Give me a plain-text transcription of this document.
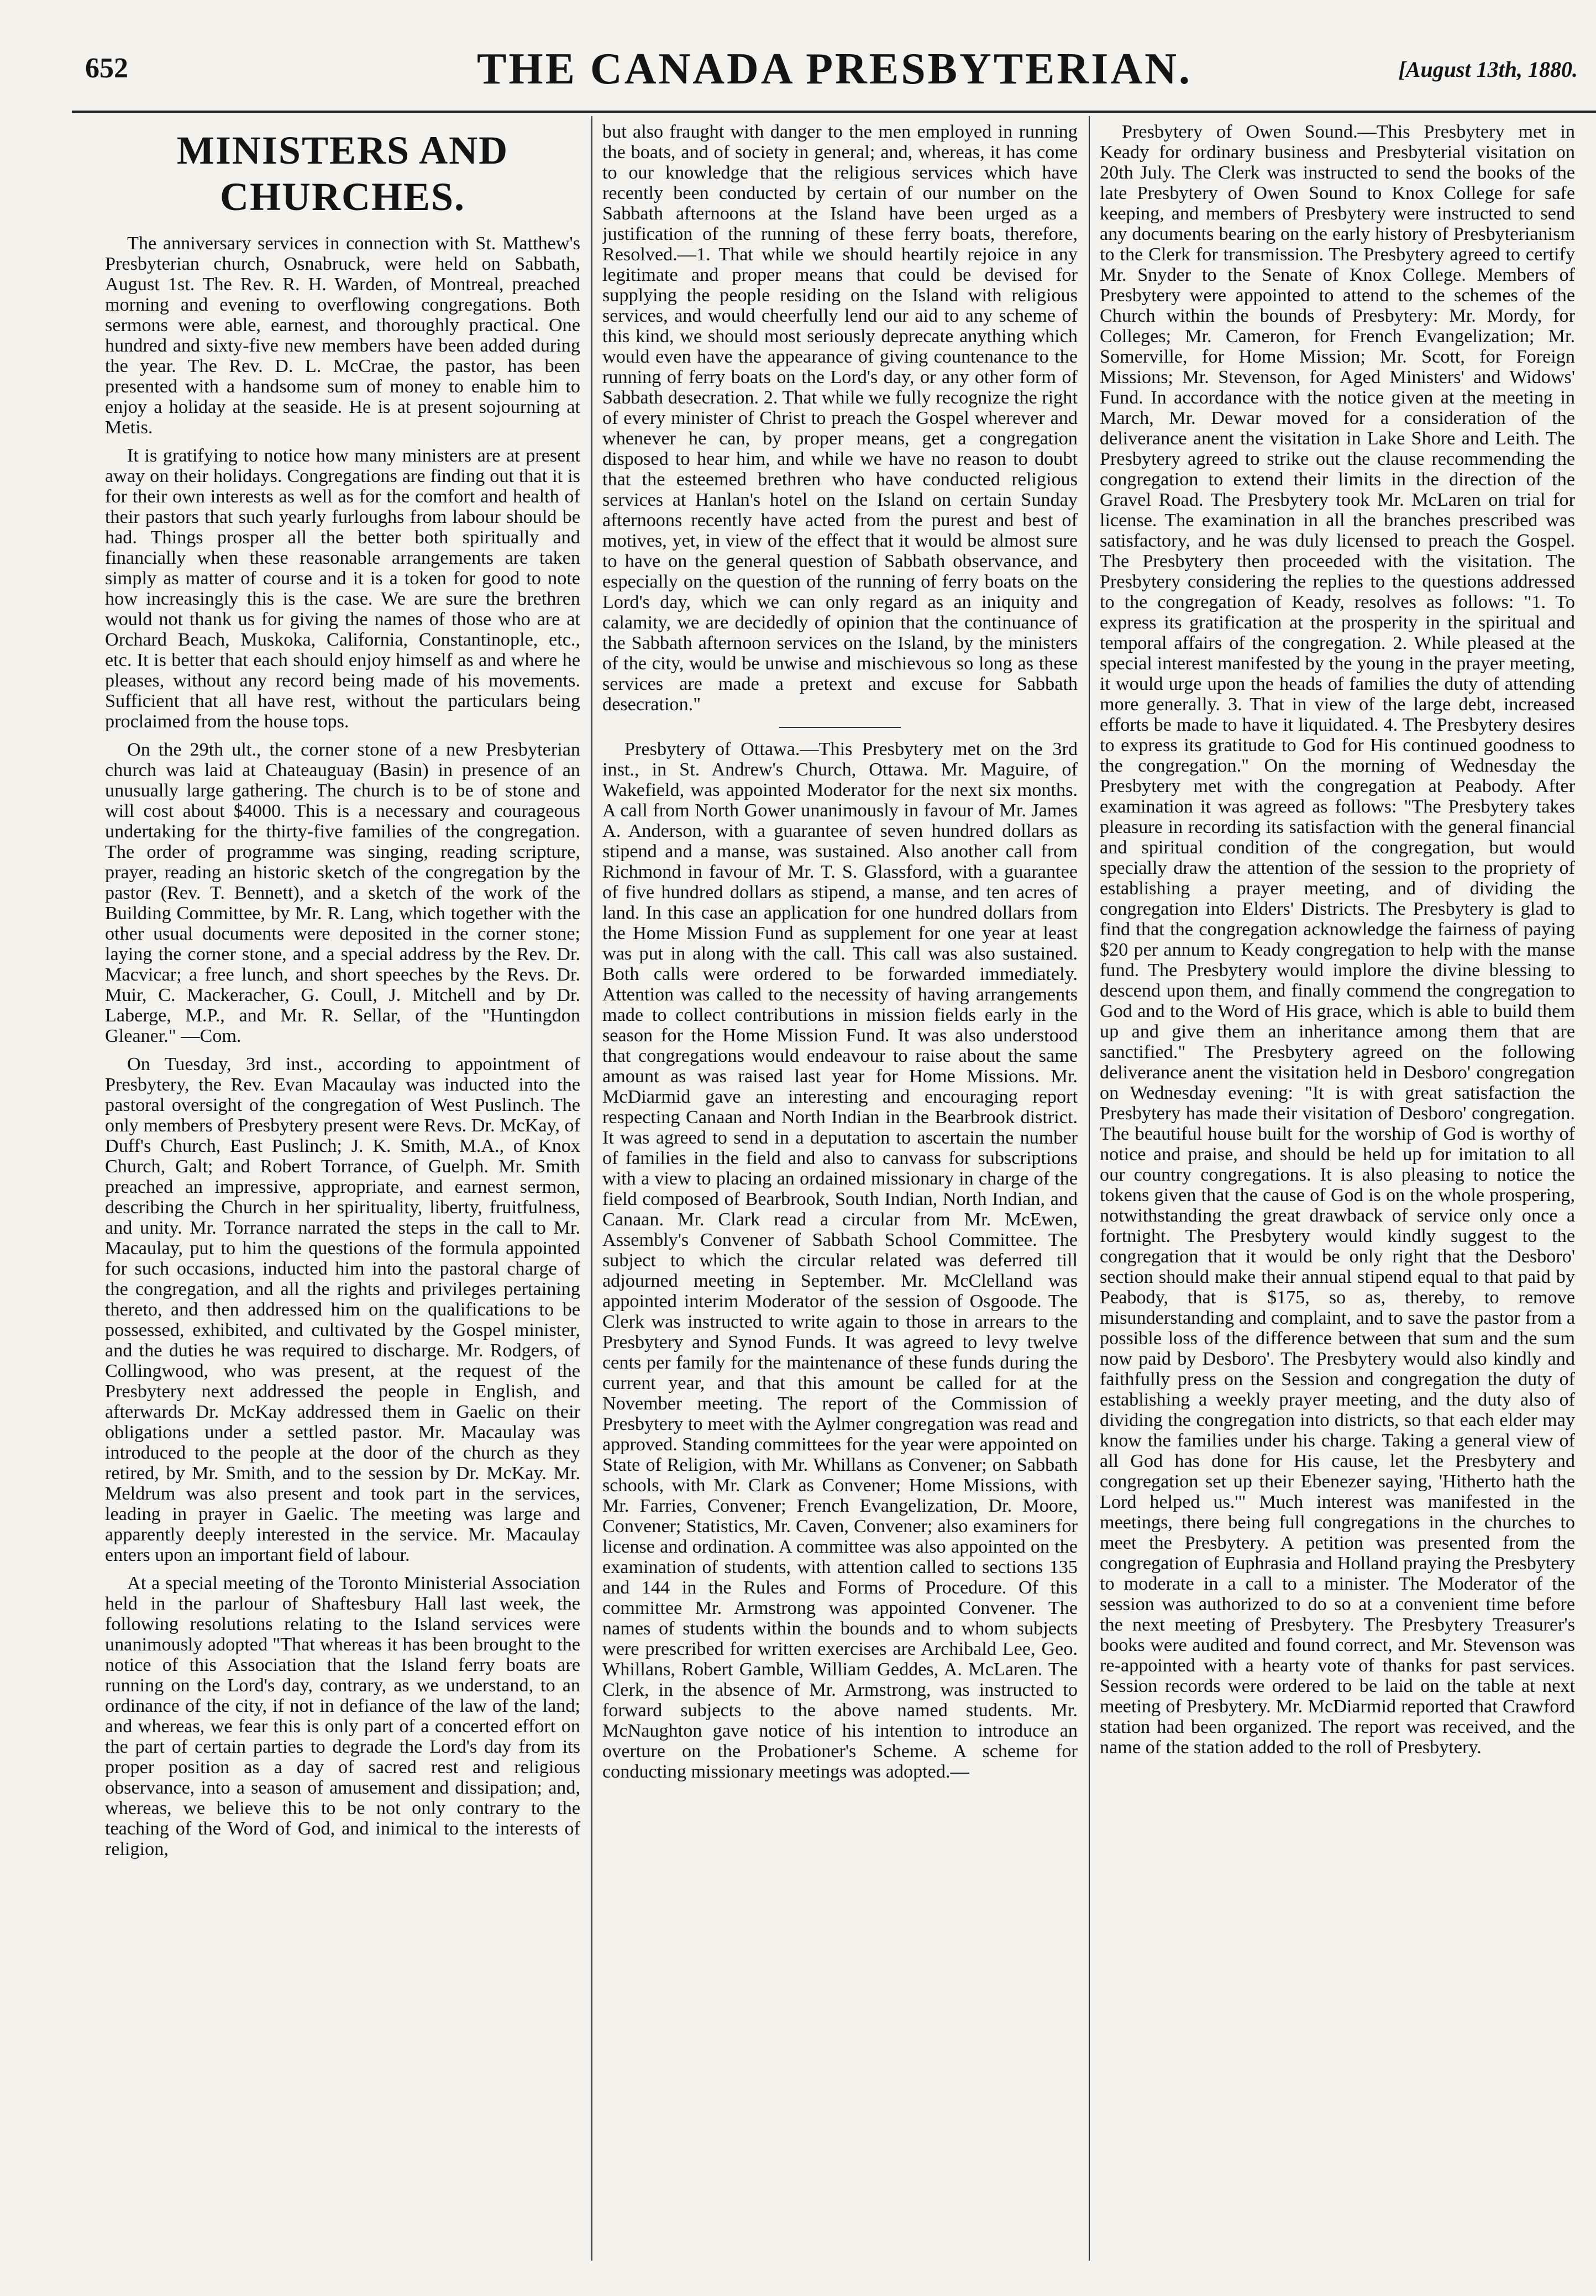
652	THE CANADA PRESBYTERIAN.	[August 13th, 1880.
MINISTERS AND CHURCHES.

The anniversary services in connection with St. Matthew's Presbyterian church, Osnabruck, were held on Sabbath, August 1st. The Rev. R. H. Warden, of Montreal, preached morning and evening to overflowing congregations. Both sermons were able, earnest, and thoroughly practical. One hundred and sixty-five new members have been added during the year. The Rev. D. L. McCrae, the pastor, has been presented with a handsome sum of money to enable him to enjoy a holiday at the seaside. He is at present sojourning at Metis.

It is gratifying to notice how many ministers are at present away on their holidays. Congregations are finding out that it is for their own interests as well as for the comfort and health of their pastors that such yearly furloughs from labour should be had. Things prosper all the better both spiritually and financially when these reasonable arrangements are taken simply as matter of course and it is a token for good to note how increasingly this is the case. We are sure the brethren would not thank us for giving the names of those who are at Orchard Beach, Muskoka, California, Constantinople, etc., etc. It is better that each should enjoy himself as and where he pleases, without any record being made of his movements. Sufficient that all have rest, without the particulars being proclaimed from the house tops.

On the 29th ult., the corner stone of a new Presbyterian church was laid at Chateauguay (Basin) in presence of an unusually large gathering. The church is to be of stone and will cost about $4000. This is a necessary and courageous undertaking for the thirty-five families of the congregation. The order of programme was singing, reading scripture, prayer, reading an historic sketch of the congregation by the pastor (Rev. T. Bennett), and a sketch of the work of the Building Committee, by Mr. R. Lang, which together with the other usual documents were deposited in the corner stone; laying the corner stone, and a special address by the Rev. Dr. Macvicar; a free lunch, and short speeches by the Revs. Dr. Muir, C. Mackeracher, G. Coull, J. Mitchell and by Dr. Laberge, M.P., and Mr. R. Sellar, of the "Huntingdon Gleaner." —Com.

On Tuesday, 3rd inst., according to appointment of Presbytery, the Rev. Evan Macaulay was inducted into the pastoral oversight of the congregation of West Puslinch. The only members of Presbytery present were Revs. Dr. McKay, of Duff's Church, East Puslinch; J. K. Smith, M.A., of Knox Church, Galt; and Robert Torrance, of Guelph. Mr. Smith preached an impressive, appropriate, and earnest sermon, describing the Church in her spirituality, liberty, fruitfulness, and unity. Mr. Torrance narrated the steps in the call to Mr. Macaulay, put to him the questions of the formula appointed for such occasions, inducted him into the pastoral charge of the congregation, and all the rights and privileges pertaining thereto, and then addressed him on the qualifications to be possessed, exhibited, and cultivated by the Gospel minister, and the duties he was required to discharge. Mr. Rodgers, of Collingwood, who was present, at the request of the Presbytery next addressed the people in English, and afterwards Dr. McKay addressed them in Gaelic on their obligations under a settled pastor. Mr. Macaulay was introduced to the people at the door of the church as they retired, by Mr. Smith, and to the session by Dr. McKay. Mr. Meldrum was also present and took part in the services, leading in prayer in Gaelic. The meeting was large and apparently deeply interested in the service. Mr. Macaulay enters upon an important field of labour.

At a special meeting of the Toronto Ministerial Association held in the parlour of Shaftesbury Hall last week, the following resolutions relating to the Island services were unanimously adopted "That whereas it has been brought to the notice of this Association that the Island ferry boats are running on the Lord's day, contrary, as we understand, to an ordinance of the city, if not in defiance of the law of the land; and whereas, we fear this is only part of a concerted effort on the part of certain parties to degrade the Lord's day from its proper position as a day of sacred rest and religious observance, into a season of amusement and dissipation; and, whereas, we believe this to be not only contrary to the teaching of the Word of God, and inimical to the interests of religion,

but also fraught with danger to the men employed in running the boats, and of society in general; and, whereas, it has come to our knowledge that the religious services which have recently been conducted by certain of our number on the Sabbath afternoons at the Island have been urged as a justification of the running of these ferry boats, therefore, Resolved.—1. That while we should heartily rejoice in any legitimate and proper means that could be devised for supplying the people residing on the Island with religious services, and would cheerfully lend our aid to any scheme of this kind, we should most seriously deprecate anything which would even have the appearance of giving countenance to the running of ferry boats on the Lord's day, or any other form of Sabbath desecration. 2. That while we fully recognize the right of every minister of Christ to preach the Gospel wherever and whenever he can, by proper means, get a congregation disposed to hear him, and while we have no reason to doubt that the esteemed brethren who have conducted religious services at Hanlan's hotel on the Island on certain Sunday afternoons recently have acted from the purest and best of motives, yet, in view of the effect that it would be almost sure to have on the general question of Sabbath observance, and especially on the question of the running of ferry boats on the Lord's day, which we can only regard as an iniquity and calamity, we are decidedly of opinion that the continuance of the Sabbath afternoon services on the Island, by the ministers of the city, would be unwise and mischievous so long as these services are made a pretext and excuse for Sabbath desecration."

Presbytery of Ottawa.—This Presbytery met on the 3rd inst., in St. Andrew's Church, Ottawa. Mr. Maguire, of Wakefield, was appointed Moderator for the next six months. A call from North Gower unanimously in favour of Mr. James A. Anderson, with a guarantee of seven hundred dollars as stipend and a manse, was sustained. Also another call from Richmond in favour of Mr. T. S. Glassford, with a guarantee of five hundred dollars as stipend, a manse, and ten acres of land. In this case an application for one hundred dollars from the Home Mission Fund as supplement for one year at least was put in along with the call. This call was also sustained. Both calls were ordered to be forwarded immediately. Attention was called to the necessity of having arrangements made to collect contributions in mission fields early in the season for the Home Mission Fund. It was also understood that congregations would endeavour to raise about the same amount as was raised last year for Home Missions. Mr. McDiarmid gave an interesting and encouraging report respecting Canaan and North Indian in the Bearbrook district. It was agreed to send in a deputation to ascertain the number of families in the field and also to canvass for subscriptions with a view to placing an ordained missionary in charge of the field composed of Bearbrook, South Indian, North Indian, and Canaan. Mr. Clark read a circular from Mr. McEwen, Assembly's Convener of Sabbath School Committee. The subject to which the circular related was deferred till adjourned meeting in September. Mr. McClelland was appointed interim Moderator of the session of Osgoode. The Clerk was instructed to write again to those in arrears to the Presbytery and Synod Funds. It was agreed to levy twelve cents per family for the maintenance of these funds during the current year, and that this amount be called for at the November meeting. The report of the Commission of Presbytery to meet with the Aylmer congregation was read and approved. Standing committees for the year were appointed on State of Religion, with Mr. Whillans as Convener; on Sabbath schools, with Mr. Clark as Convener; Home Missions, with Mr. Farries, Convener; French Evangelization, Dr. Moore, Convener; Statistics, Mr. Caven, Convener; also examiners for license and ordination. A committee was also appointed on the examination of students, with attention called to sections 135 and 144 in the Rules and Forms of Procedure. Of this committee Mr. Armstrong was appointed Convener. The names of students within the bounds and to whom subjects were prescribed for written exercises are Archibald Lee, Geo. Whillans, Robert Gamble, William Geddes, A. McLaren. The Clerk, in the absence of Mr. Armstrong, was instructed to forward subjects to the above named students. Mr. McNaughton gave notice of his intention to introduce an overture on the Probationer's Scheme. A scheme for conducting missionary meetings was adopted.—

Presbytery of Owen Sound.—This Presbytery met in Keady for ordinary business and Presbyterial visitation on 20th July. The Clerk was instructed to send the books of the late Presbytery of Owen Sound to Knox College for safe keeping, and members of Presbytery were instructed to send any documents bearing on the early history of Presbyterianism to the Clerk for transmission. The Presbytery agreed to certify Mr. Snyder to the Senate of Knox College. Members of Presbytery were appointed to attend to the schemes of the Church within the bounds of Presbytery: Mr. Mordy, for Colleges; Mr. Cameron, for French Evangelization; Mr. Somerville, for Home Mission; Mr. Scott, for Foreign Missions; Mr. Stevenson, for Aged Ministers' and Widows' Fund. In accordance with the notice given at the meeting in March, Mr. Dewar moved for a consideration of the deliverance anent the visitation in Lake Shore and Leith. The Presbytery agreed to strike out the clause recommending the congregation to extend their limits in the direction of the Gravel Road. The Presbytery took Mr. McLaren on trial for license. The examination in all the branches prescribed was satisfactory, and he was duly licensed to preach the Gospel. The Presbytery then proceeded with the visitation. The Presbytery considering the replies to the questions addressed to the congregation of Keady, resolves as follows: "1. To express its gratification at the prosperity in the spiritual and temporal affairs of the congregation. 2. While pleased at the special interest manifested by the young in the prayer meeting, it would urge upon the heads of families the duty of attending more generally. 3. That in view of the large debt, increased efforts be made to have it liquidated. 4. The Presbytery desires to express its gratitude to God for His continued goodness to the congregation." On the morning of Wednesday the Presbytery met with the congregation at Peabody. After examination it was agreed as follows: "The Presbytery takes pleasure in recording its satisfaction with the general financial and spiritual condition of the congregation, but would specially draw the attention of the session to the propriety of establishing a prayer meeting, and of dividing the congregation into Elders' Districts. The Presbytery is glad to find that the congregation acknowledge the fairness of paying $20 per annum to Keady congregation to help with the manse fund. The Presbytery would implore the divine blessing to descend upon them, and finally commend the congregation to God and to the Word of His grace, which is able to build them up and give them an inheritance among them that are sanctified." The Presbytery agreed on the following deliverance anent the visitation held in Desboro' congregation on Wednesday evening: "It is with great satisfaction the Presbytery has made their visitation of Desboro' congregation. The beautiful house built for the worship of God is worthy of notice and praise, and should be held up for imitation to all our country congregations. It is also pleasing to notice the tokens given that the cause of God is on the whole prospering, notwithstanding the great drawback of service only once a fortnight. The Presbytery would kindly suggest to the congregation that it would be only right that the Desboro' section should make their annual stipend equal to that paid by Peabody, that is $175, so as, thereby, to remove misunderstanding and complaint, and to save the pastor from a possible loss of the difference between that sum and the sum now paid by Desboro'. The Presbytery would also kindly and faithfully press on the Session and congregation the duty of establishing a weekly prayer meeting, and the duty also of dividing the congregation into districts, so that each elder may know the families under his charge. Taking a general view of all God has done for His cause, let the Presbytery and congregation set up their Ebenezer saying, 'Hitherto hath the Lord helped us.'" Much interest was manifested in the meetings, there being full congregations in the churches to meet the Presbytery. A petition was presented from the congregation of Euphrasia and Holland praying the Presbytery to moderate in a call to a minister. The Moderator of the session was authorized to do so at a convenient time before the next meeting of Presbytery. The Presbytery Treasurer's books were audited and found correct, and Mr. Stevenson was re-appointed with a hearty vote of thanks for past services. Session records were ordered to be laid on the table at next meeting of Presbytery. Mr. McDiarmid reported that Crawford station had been organized. The report was received, and the name of the station added to the roll of Presbytery.
